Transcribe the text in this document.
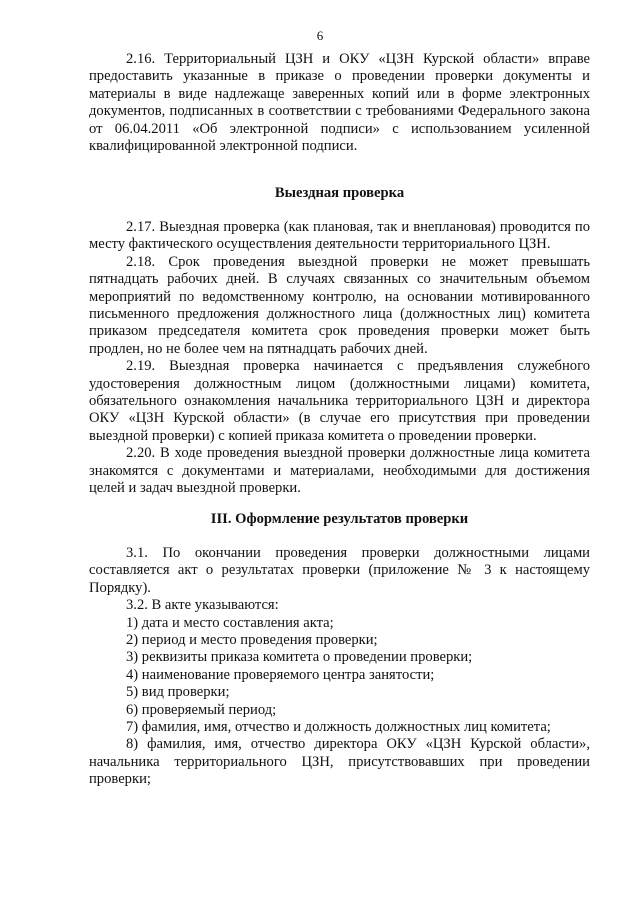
6

2.16. Территориальный ЦЗН и ОКУ «ЦЗН Курской области» вправе предоставить указанные в приказе о проведении проверки документы и материалы в виде надлежаще заверенных копий или в форме электронных документов, подписанных в соответствии с требованиями Федерального закона от 06.04.2011 «Об электронной подписи» с использованием усиленной квалифицированной электронной подписи.

Выездная проверка

2.17. Выездная проверка (как плановая, так и внеплановая) проводится по месту фактического осуществления деятельности территориального ЦЗН.

2.18. Срок проведения выездной проверки не может превышать пятнадцать рабочих дней. В случаях связанных со значительным объемом мероприятий по ведомственному контролю, на основании мотивированного письменного предложения должностного лица (должностных лиц) комитета приказом председателя комитета срок проведения проверки может быть продлен, но не более чем на пятнадцать рабочих дней.

2.19. Выездная проверка начинается с предъявления служебного удостоверения должностным лицом (должностными лицами) комитета, обязательного ознакомления начальника территориального ЦЗН и директора ОКУ «ЦЗН Курской области» (в случае его присутствия при проведении выездной проверки) с копией приказа комитета о проведении проверки.

2.20. В ходе проведения выездной проверки должностные лица комитета знакомятся с документами и материалами, необходимыми для достижения целей и задач выездной проверки.

III. Оформление результатов проверки

3.1. По окончании проведения проверки должностными лицами составляется акт о результатах проверки (приложение № 3 к настоящему Порядку).

3.2. В акте указываются:

1) дата и место составления акта;

2) период и место проведения проверки;

3) реквизиты приказа комитета о проведении проверки;

4) наименование проверяемого центра занятости;

5) вид проверки;

6) проверяемый период;

7) фамилия, имя, отчество и должность должностных лиц комитета;

8) фамилия, имя, отчество директора ОКУ «ЦЗН Курской области», начальника территориального ЦЗН, присутствовавших при проведении проверки;
